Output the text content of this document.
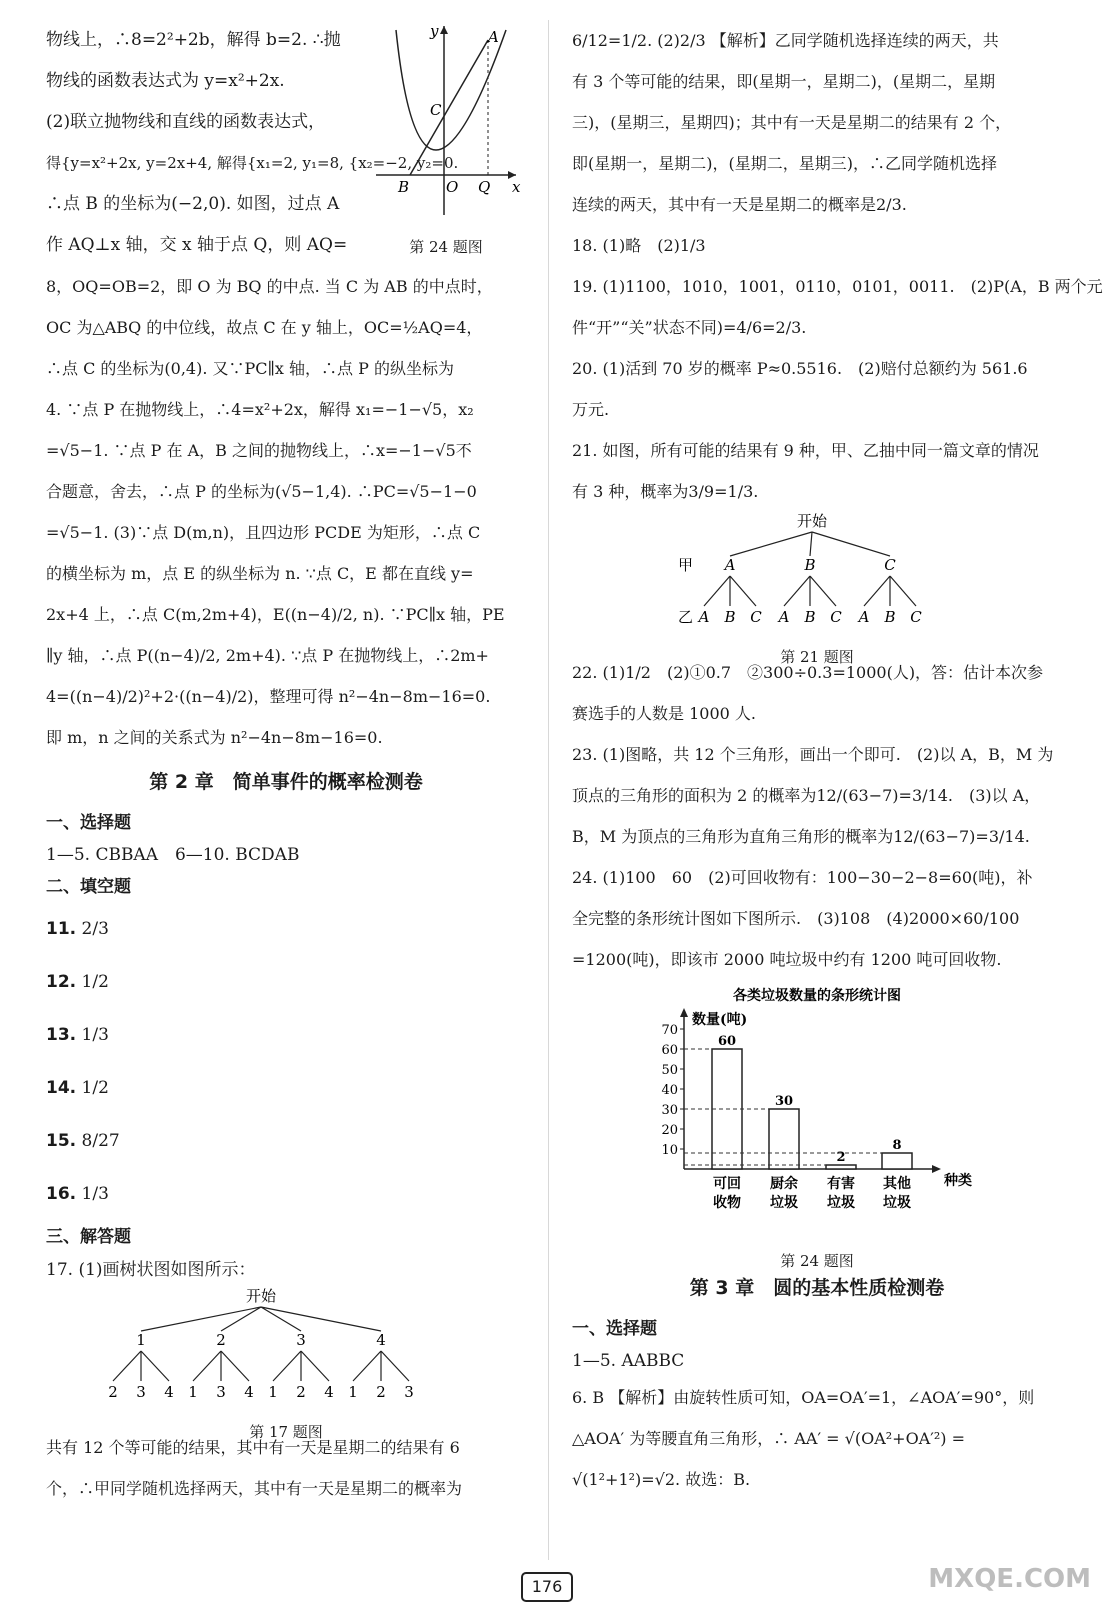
物线上，∴8=2²+2b，解得 b=2. ∴抛
物线的函数表达式为 y=x²+2x.
(2)联立抛物线和直线的函数表达式，
得{y=x²+2x, y=2x+4, 解得{x₁=2, y₁=8, {x₂=−2, y₂=0.
∴点 B 的坐标为(−2,0). 如图，过点 A
y	A
C
B O Q x
第 24 题图
作 AQ⊥x 轴，交 x 轴于点 Q，则 AQ=
8，OQ=OB=2，即 O 为 BQ 的中点. 当 C 为 AB 的中点时，
OC 为△ABQ 的中位线，故点 C 在 y 轴上，OC=½AQ=4，
∴点 C 的坐标为(0,4). 又∵PC∥x 轴，∴点 P 的纵坐标为
4. ∵点 P 在抛物线上，∴4=x²+2x，解得 x₁=−1−√5，x₂
=√5−1. ∵点 P 在 A，B 之间的抛物线上，∴x=−1−√5不
合题意，舍去，∴点 P 的坐标为(√5−1,4). ∴PC=√5−1−0
=√5−1. (3)∵点 D(m,n)，且四边形 PCDE 为矩形，∴点 C
的横坐标为 m，点 E 的纵坐标为 n. ∵点 C，E 都在直线 y=
2x+4 上，∴点 C(m,2m+4)，E((n−4)/2, n). ∵PC∥x 轴，PE
∥y 轴，∴点 P((n−4)/2, 2m+4). ∵点 P 在抛物线上，∴2m+
4=((n−4)/2)²+2·((n−4)/2)，整理可得 n²−4n−8m−16=0.
即 m，n 之间的关系式为 n²−4n−8m−16=0.
第 2 章　简单事件的概率检测卷
一、选择题
1—5. CBBAA　6—10. BCDAB
二、填空题
11. 2/3
12. 1/2
13. 1/3
14. 1/2
15. 8/27
16. 1/3
三、解答题
17. (1)画树状图如图所示：
开始
1
2 3 4
2
1 3 4
3
1 2 4
4
1 2 3
第 17 题图
共有 12 个等可能的结果，其中有一天是星期二的结果有 6
个，∴甲同学随机选择两天，其中有一天是星期二的概率为
6/12=1/2. (2)2/3 【解析】乙同学随机选择连续的两天，共
有 3 个等可能的结果，即(星期一，星期二)，(星期二，星期
三)，(星期三，星期四)；其中有一天是星期二的结果有 2 个，
即(星期一，星期二)，(星期二，星期三)，∴乙同学随机选择
连续的两天，其中有一天是星期二的概率是2/3.
18. (1)略　(2)1/3
19. (1)1100，1010，1001，0110，0101，0011.　(2)P(A，B 两个元
件“开”“关”状态不同)=4/6=2/3.
20. (1)活到 70 岁的概率 P≈0.5516.　(2)赔付总额约为 561.6
万元.
21. 如图，所有可能的结果有 9 种，甲、乙抽中同一篇文章的情况
有 3 种，概率为3/9=1/3.
开始
甲
乙
A
A B C
B
A B C
C
A B C
第 21 题图
22. (1)1/2　(2)①0.7　②300÷0.3=1000(人)，答：估计本次参
赛选手的人数是 1000 人.
23. (1)图略，共 12 个三角形，画出一个即可.　(2)以 A，B，M 为
顶点的三角形的面积为 2 的概率为12/(63−7)=3/14.　(3)以 A，
B，M 为顶点的三角形为直角三角形的概率为12/(63−7)=3/14.
24. (1)100　60　(2)可回收物有：100−30−2−8=60(吨)，补
全完整的条形统计图如下图所示.　(3)108　(4)2000×60/100
=1200(吨)，即该市 2000 吨垃圾中约有 1200 吨可回收物.
各类垃圾数量的条形统计图
数量(吨)
种类
10
20
30
40
50
60
70
60
可回
收物
30
厨余
垃圾
2
有害
垃圾
8
其他
垃圾
第 24 题图
第 3 章　圆的基本性质检测卷
一、选择题
1—5. AABBC
6. B 【解析】由旋转性质可知，OA=OA′=1，∠AOA′=90°，则
△AOA′ 为等腰直角三角形，∴ AA′ = √(OA²+OA′²) =
√(1²+1²)=√2. 故选：B.
176	MXQE.COM
